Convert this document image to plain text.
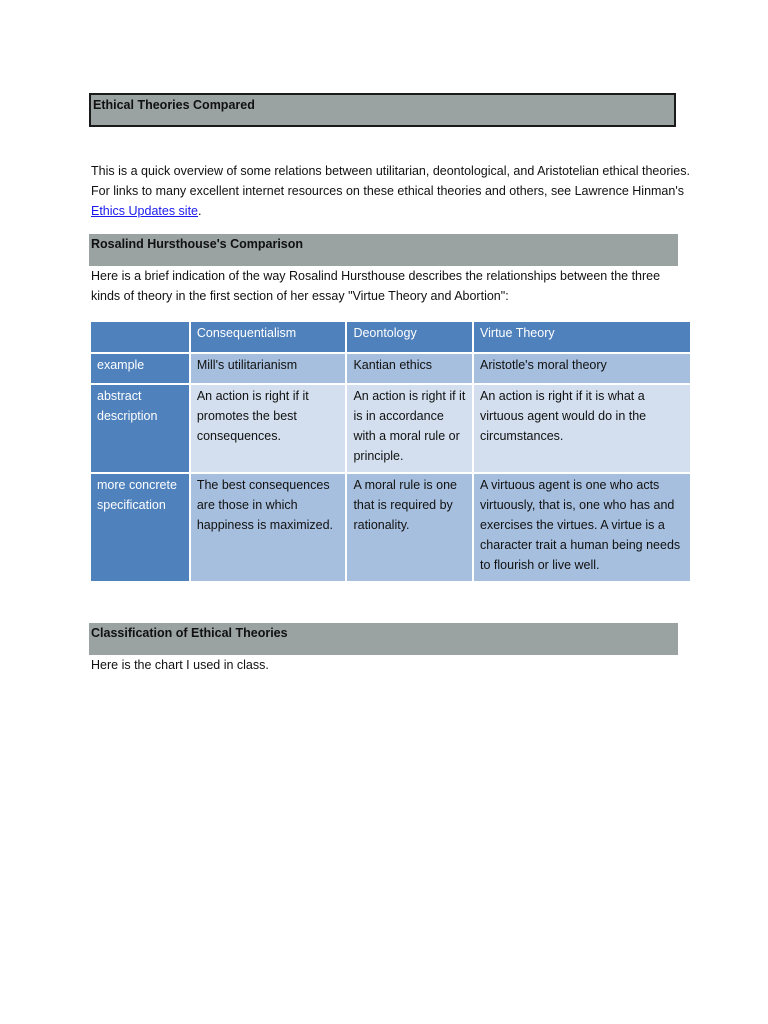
Ethical Theories Compared

This is a quick overview of some relations between utilitarian, deontological, and Aristotelian ethical theories. For links to many excellent internet resources on these ethical theories and others, see Lawrence Hinman's Ethics Updates site.

Rosalind Hursthouse's Comparison

Here is a brief indication of the way Rosalind Hursthouse describes the relationships between the three kinds of theory in the first section of her essay "Virtue Theory and Abortion":

	Consequentialism	Deontology	Virtue Theory
example	Mill's utilitarianism	Kantian ethics	Aristotle's moral theory
abstract description	An action is right if it promotes the best consequences.	An action is right if it is in accordance with a moral rule or principle.	An action is right if it is what a virtuous agent would do in the circumstances.
more concrete specification	The best consequences are those in which happiness is maximized.	A moral rule is one that is required by rationality.	A virtuous agent is one who acts virtuously, that is, one who has and exercises the virtues. A virtue is a character trait a human being needs to flourish or live well.
Classification of Ethical Theories

Here is the chart I used in class.
